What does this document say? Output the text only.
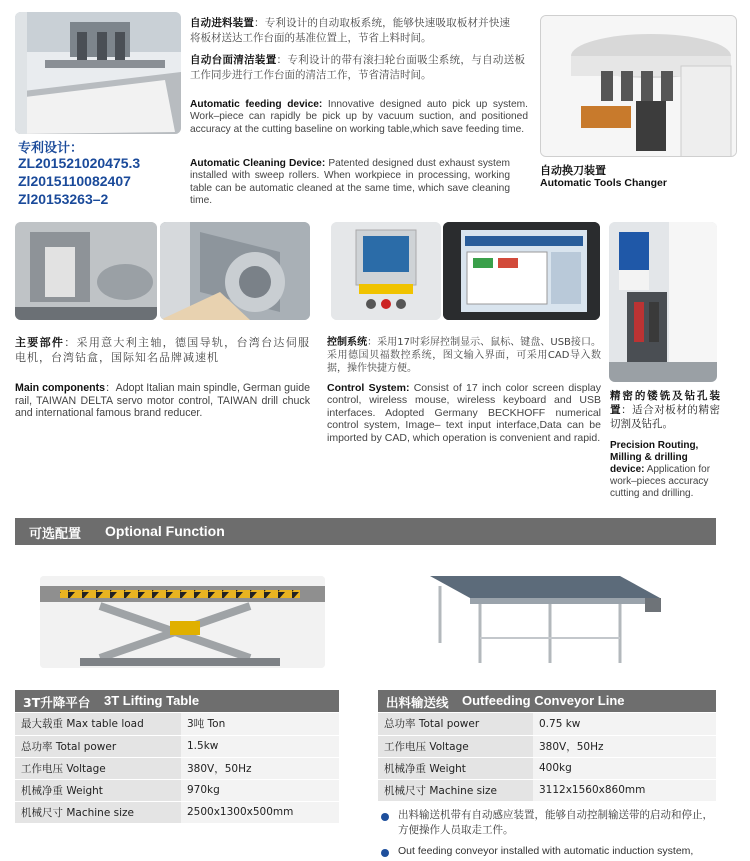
专利设计：
ZL201521020475.3
Zl2015110082407
Zl20153263–2
自动进料装置：专利设计的自动取板系统，能够快速吸取板材并快速将板材送达工作台面的基准位置上，节省上料时间。
自动台面清洁装置：专利设计的带有滚扫轮台面吸尘系统，与自动送板工作同步进行工作台面的清洁工作，节省清洁时间。
Automatic feeding device: Innovative designed auto pick up system. Work–piece can rapidly be pick up by vacuum suction, and positioned accuracy at the cutting baseline on working table,which save feeding time.
Automatic Cleaning Device: Patented designed dust exhaust system installed with sweep rollers. When workpiece in processing, working table can be automatic cleaned at the same time, which save cleaning time.
自动换刀装置
Automatic Tools Changer
主要部件：采用意大利主轴，德国导轨，台湾台达伺服电机，台湾钻盒，国际知名品牌减速机
Main components：Adopt Italian main spindle, German guide rail, TAIWAN DELTA servo motor control, TAIWAN drill chuck and international famous brand reducer.
控制系统：采用17吋彩屏控制显示、鼠标、键盘、USB接口。采用德国贝福数控系统，图文输入界面，可采用CAD导入数据，操作快捷方便。
Control System: Consist of 17 inch color screen display control, wireless mouse, wireless keyboard and USB interfaces. Adopted Germany BECKHOFF numerical control system, Image– text input interface,Data can be imported by CAD, which operation is convenient and rapid.
精密的镂铣及钻孔装置：适合对板材的精密切割及钻孔。
Precision Routing, Milling & drilling device: Application for work–pieces accuracy cutting and drilling.
可选配置 Optional Function
3T升降平台 3T Lifting Table
最大载重 Max table load	3吨 Ton
总功率 Total power	1.5kw
工作电压 Voltage	380V，50Hz
机械净重 Weight	970kg
机械尺寸 Machine size	2500x1300x500mm
出料输送线 Outfeeding Conveyor Line
总功率 Total power	0.75 kw
工作电压 Voltage	380V，50Hz
机械净重 Weight	400kg
机械尺寸 Machine size	3112x1560x860mm
出料输送机带有自动感应装置，能够自动控制输送带的启动和停止，方便操作人员取走工件。
Out feeding conveyor installed with automatic induction system,
